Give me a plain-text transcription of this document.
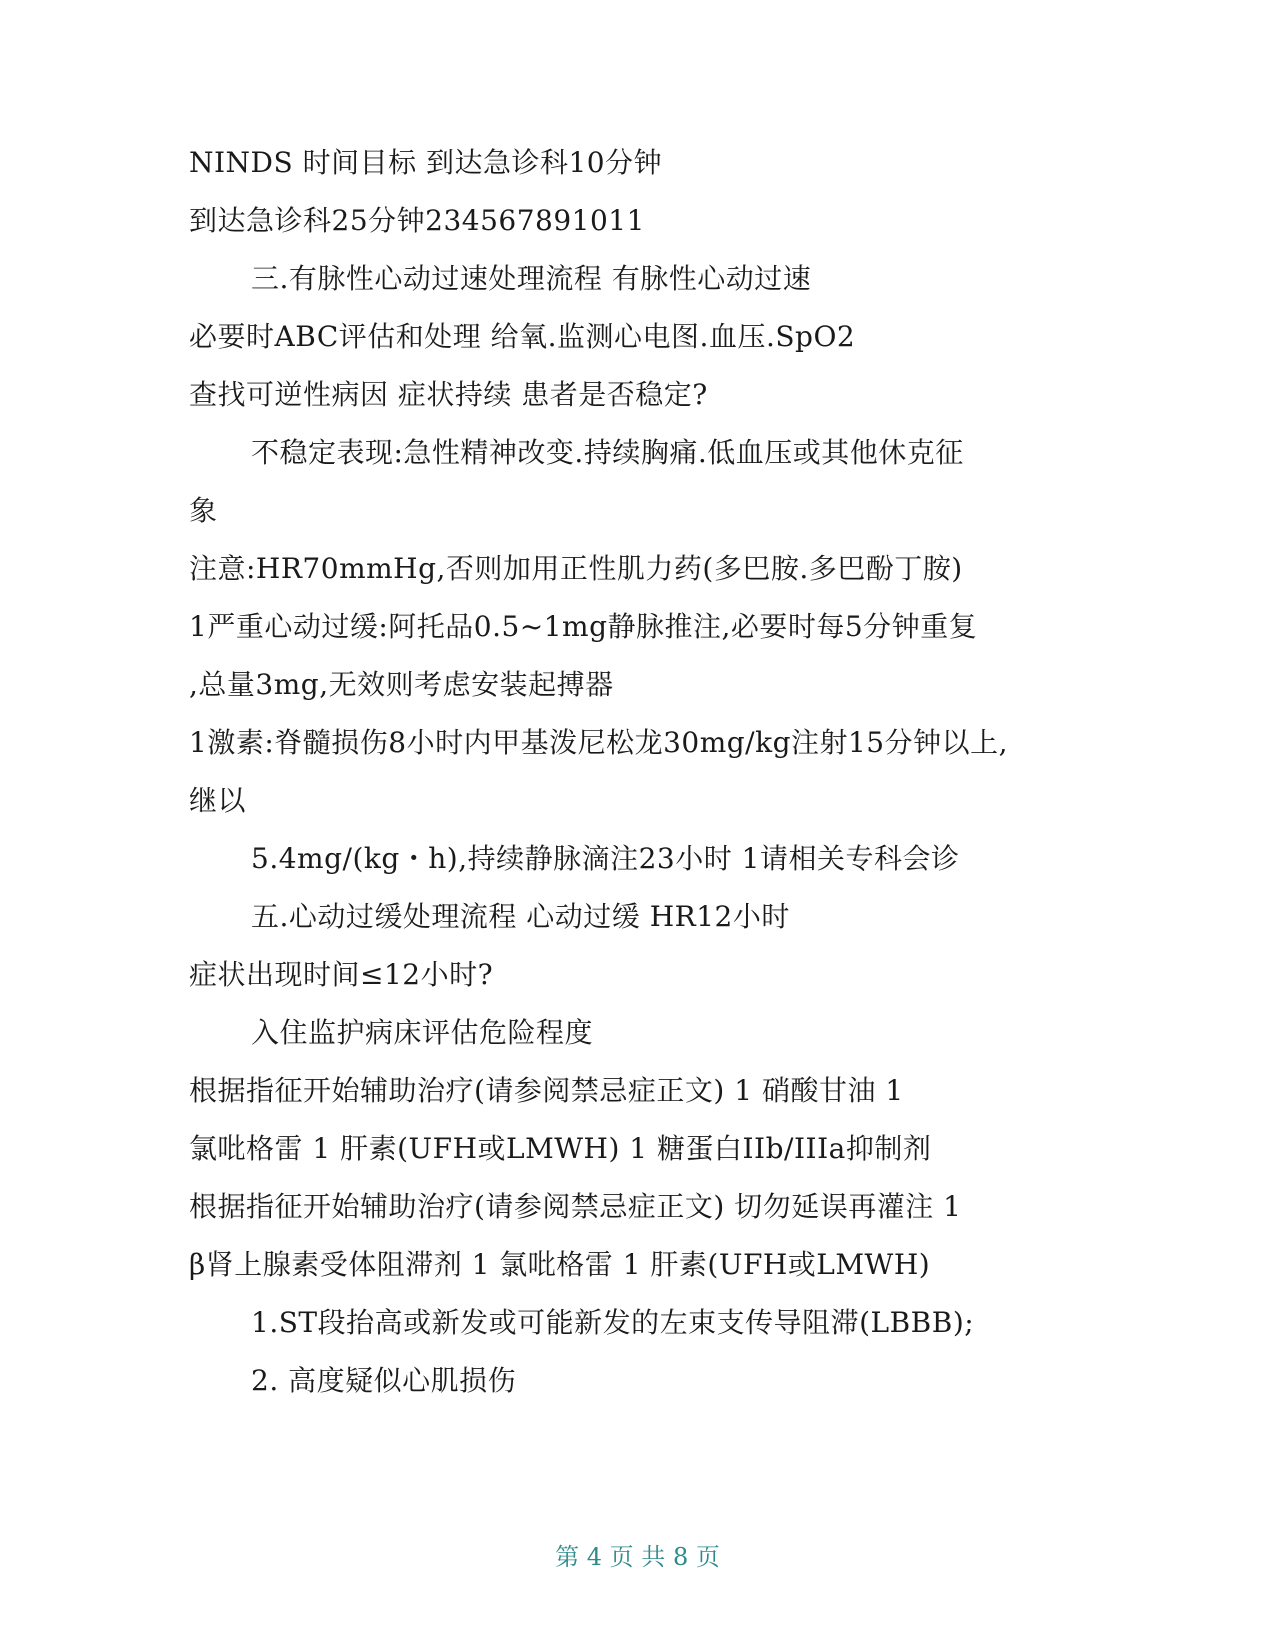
NINDS 时间目标 到达急诊科10分钟
到达急诊科25分钟234567891011
三.有脉性心动过速处理流程 有脉性心动过速
必要时ABC评估和处理 给氧.监测心电图.血压.SpO2
查找可逆性病因 症状持续 患者是否稳定?
不稳定表现:急性精神改变.持续胸痛.低血压或其他休克征
象
注意:HR70mmHg,否则加用正性肌力药(多巴胺.多巴酚丁胺)
1严重心动过缓:阿托品0.5~1mg静脉推注,必要时每5分钟重复
,总量3mg,无效则考虑安装起搏器
1激素:脊髓损伤8小时内甲基泼尼松龙30mg/kg注射15分钟以上,
继以
5.4mg/(kg・h),持续静脉滴注23小时 1请相关专科会诊
五.心动过缓处理流程 心动过缓 HR12小时
症状出现时间≤12小时?
入住监护病床评估危险程度
根据指征开始辅助治疗(请参阅禁忌症正文) 1 硝酸甘油 1
氯吡格雷 1 肝素(UFH或LMWH) 1 糖蛋白IIb/IIIa抑制剂
根据指征开始辅助治疗(请参阅禁忌症正文) 切勿延误再灌注 1
β肾上腺素受体阻滞剂 1 氯吡格雷 1 肝素(UFH或LMWH)
1.ST段抬高或新发或可能新发的左束支传导阻滞(LBBB);
2. 高度疑似心肌损伤
第 4 页 共 8 页
